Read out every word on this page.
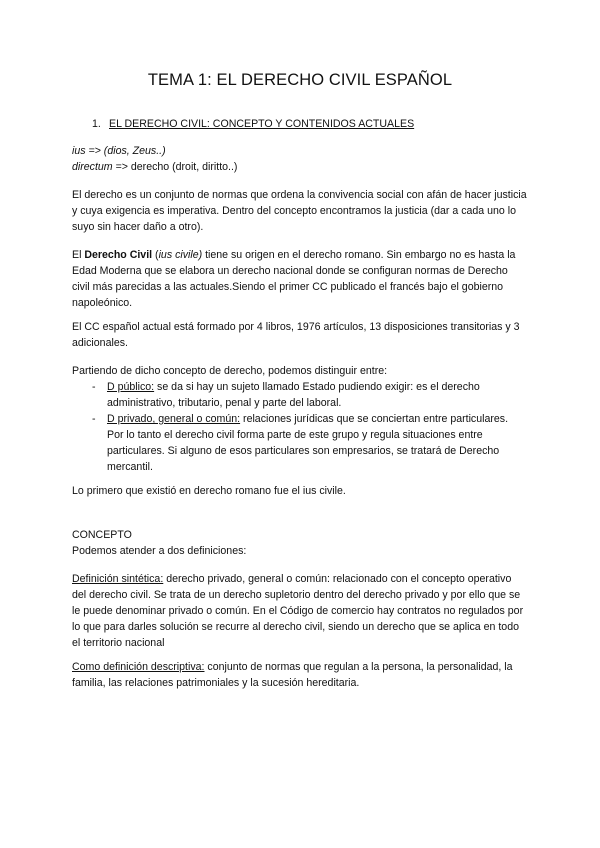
TEMA 1: EL DERECHO CIVIL ESPAÑOL

1. EL DERECHO CIVIL: CONCEPTO Y CONTENIDOS ACTUALES

ius => (dios, Zeus..)
directum => derecho (droit, diritto..)

El derecho es un conjunto de normas que ordena la convivencia social con afán de hacer justicia y cuya exigencia es imperativa. Dentro del concepto encontramos la justicia (dar a cada uno lo suyo sin hacer daño a otro).

El Derecho Civil (ius civile) tiene su origen en el derecho romano. Sin embargo no es hasta la Edad Moderna que se elabora un derecho nacional donde se configuran normas de Derecho civil más parecidas a las actuales.Siendo el primer CC publicado el francés bajo el gobierno napoleónico.

El CC español actual está formado por 4 libros, 1976 artículos, 13 disposiciones transitorias y 3 adicionales.

Partiendo de dicho concepto de derecho, podemos distinguir entre:

- D público: se da si hay un sujeto llamado Estado pudiendo exigir: es el derecho administrativo, tributario, penal y parte del laboral.

- D privado, general o común: relaciones jurídicas que se conciertan entre particulares. Por lo tanto el derecho civil forma parte de este grupo y regula situaciones entre particulares. Si alguno de esos particulares son empresarios, se tratará de Derecho mercantil.

Lo primero que existió en derecho romano fue el ius civile.

CONCEPTO
Podemos atender a dos definiciones:

Definición sintética: derecho privado, general o común: relacionado con el concepto operativo del derecho civil. Se trata de un derecho supletorio dentro del derecho privado y por ello que se le puede denominar privado o común. En el Código de comercio hay contratos no regulados por lo que para darles solución se recurre al derecho civil, siendo un derecho que se aplica en todo el territorio nacional

Como definición descriptiva: conjunto de normas que regulan a la persona, la personalidad, la familia, las relaciones patrimoniales y la sucesión hereditaria.
